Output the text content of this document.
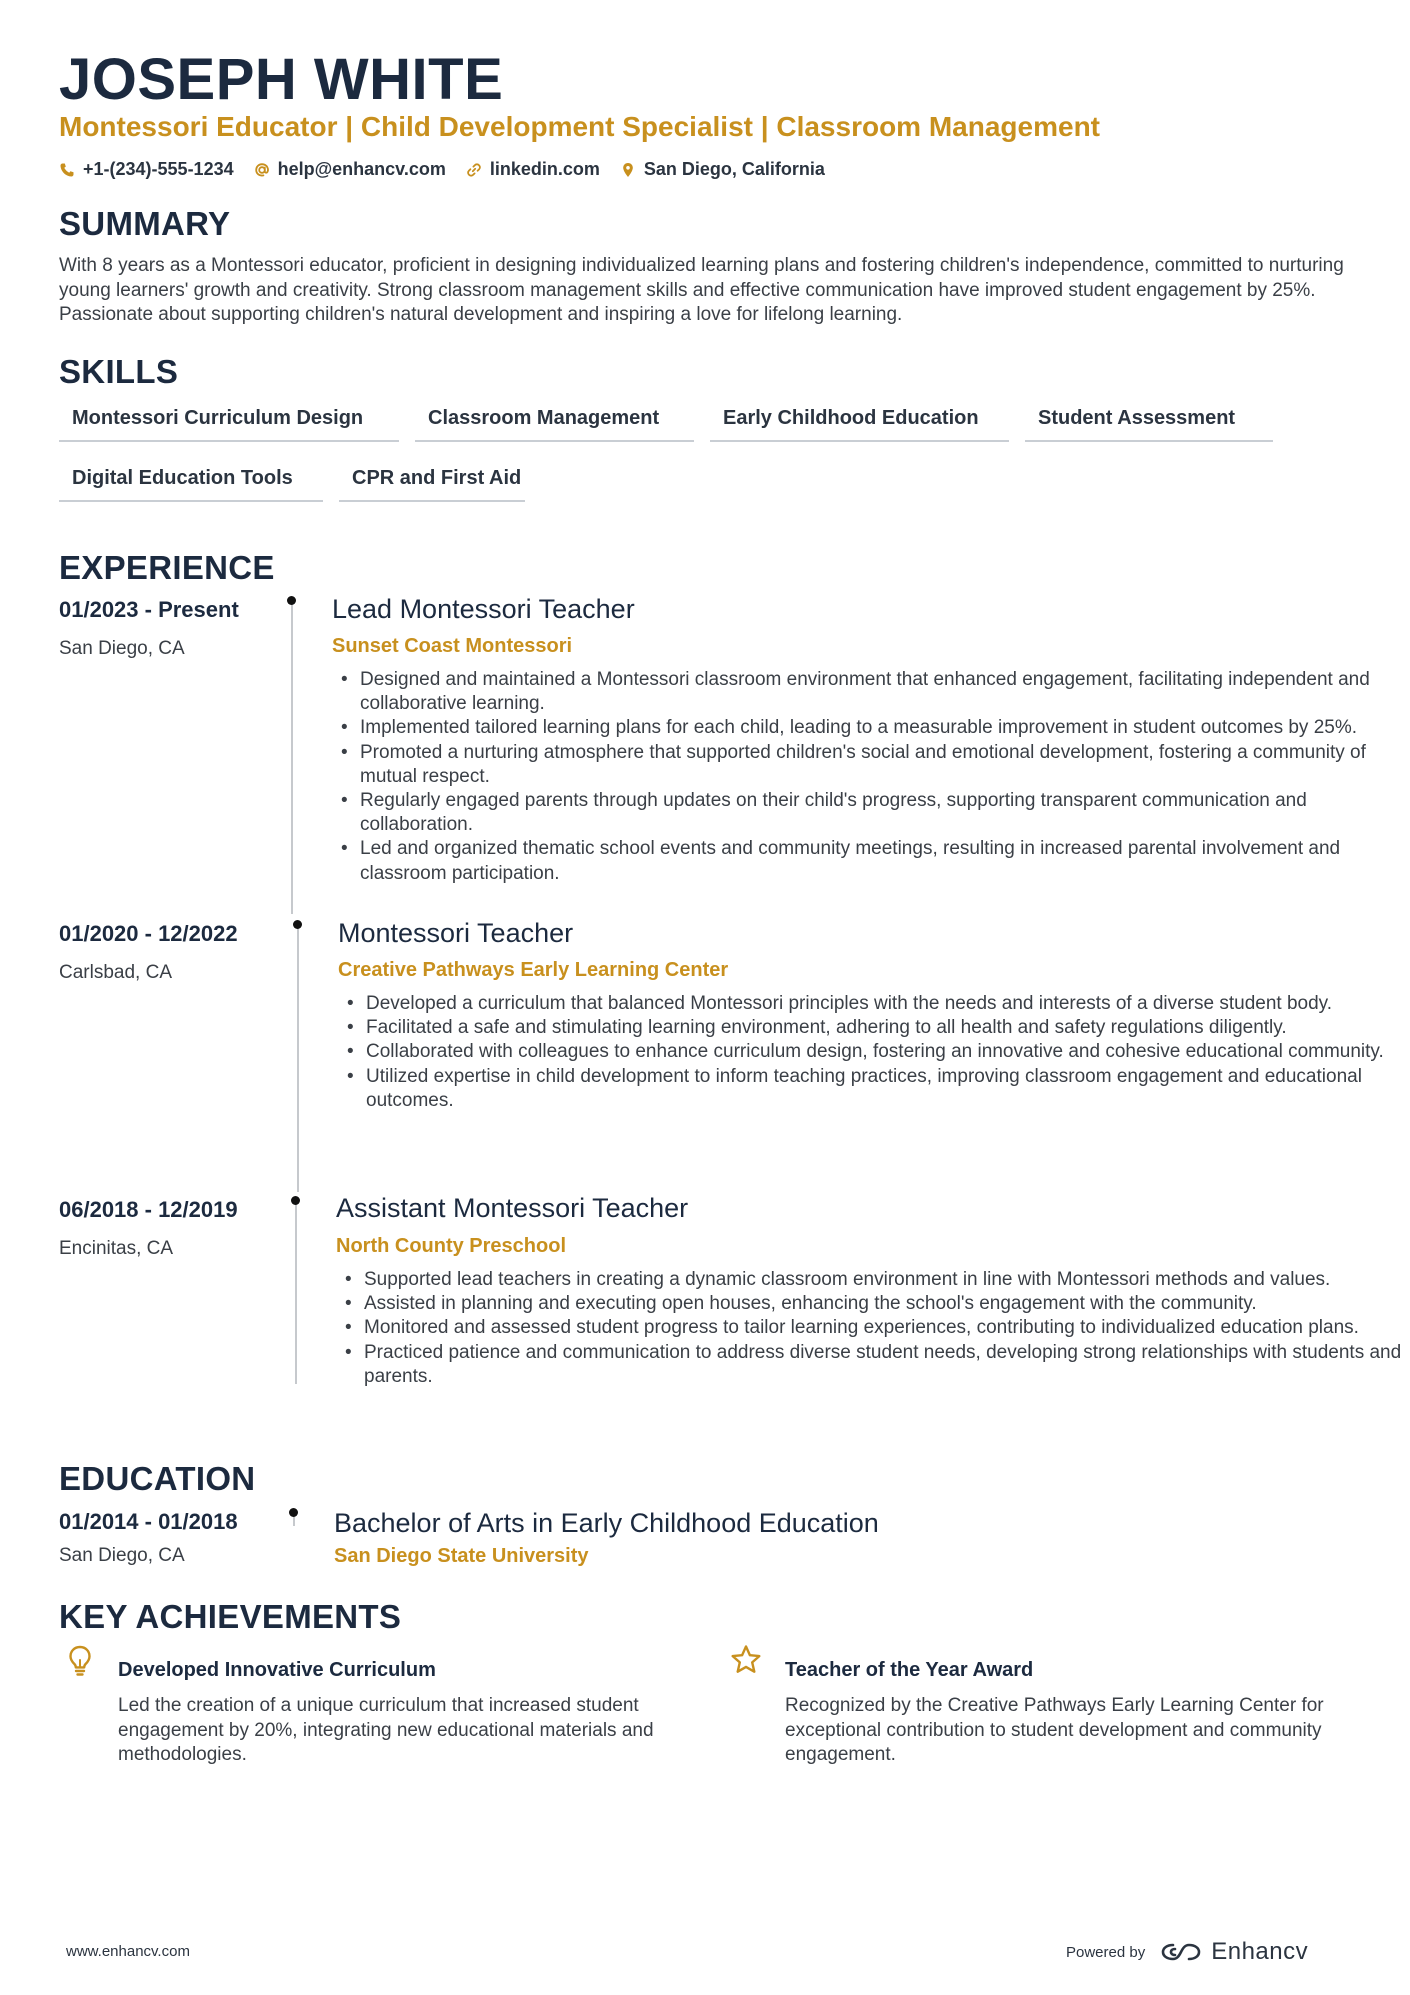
JOSEPH WHITE
Montessori Educator | Child Development Specialist | Classroom Management
+1-(234)-555-1234 help@enhancv.com linkedin.com San Diego, California
SUMMARY
With 8 years as a Montessori educator, proficient in designing individualized learning plans and fostering children's independence, committed to nurturing young learners' growth and creativity. Strong classroom management skills and effective communication have improved student engagement by 25%. Passionate about supporting children's natural development and inspiring a love for lifelong learning.
SKILLS
Montessori Curriculum Design	Classroom Management	Early Childhood Education	Student Assessment
Digital Education Tools	CPR and First Aid
EXPERIENCE
01/2023 - Present
San Diego, CA
Lead Montessori Teacher
Sunset Coast Montessori
• Designed and maintained a Montessori classroom environment that enhanced engagement, facilitating independent and collaborative learning.
• Implemented tailored learning plans for each child, leading to a measurable improvement in student outcomes by 25%.
• Promoted a nurturing atmosphere that supported children's social and emotional development, fostering a community of mutual respect.
• Regularly engaged parents through updates on their child's progress, supporting transparent communication and collaboration.
• Led and organized thematic school events and community meetings, resulting in increased parental involvement and classroom participation.
01/2020 - 12/2022
Carlsbad, CA
Montessori Teacher
Creative Pathways Early Learning Center
• Developed a curriculum that balanced Montessori principles with the needs and interests of a diverse student body.
• Facilitated a safe and stimulating learning environment, adhering to all health and safety regulations diligently.
• Collaborated with colleagues to enhance curriculum design, fostering an innovative and cohesive educational community.
• Utilized expertise in child development to inform teaching practices, improving classroom engagement and educational outcomes.
06/2018 - 12/2019
Encinitas, CA
Assistant Montessori Teacher
North County Preschool
• Supported lead teachers in creating a dynamic classroom environment in line with Montessori methods and values.
• Assisted in planning and executing open houses, enhancing the school's engagement with the community.
• Monitored and assessed student progress to tailor learning experiences, contributing to individualized education plans.
• Practiced patience and communication to address diverse student needs, developing strong relationships with students and parents.
EDUCATION
01/2014 - 01/2018
San Diego, CA
Bachelor of Arts in Early Childhood Education
San Diego State University
KEY ACHIEVEMENTS
Developed Innovative Curriculum
Led the creation of a unique curriculum that increased student engagement by 20%, integrating new educational materials and methodologies.
Teacher of the Year Award
Recognized by the Creative Pathways Early Learning Center for exceptional contribution to student development and community engagement.
www.enhancv.com	Powered by	Enhancv
